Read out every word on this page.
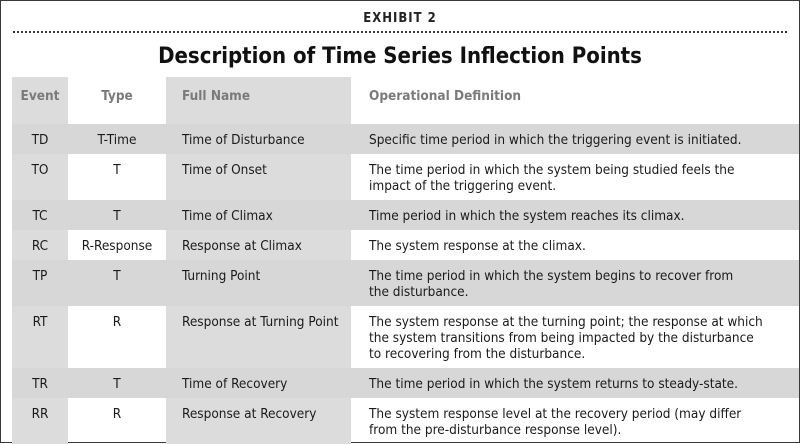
EXHIBIT 2
Description of Time Series Inflection Points
Event	Type	Full Name	Operational Definition

TD	T-Time	Time of Disturbance	Specific time period in which the triggering event is initiated.

TO	T	Time of Onset	The time period in which the system being studied feels the
impact of the triggering event.

TC	T	Time of Climax	Time period in which the system reaches its climax.

RC	R-Response	Response at Climax	The system response at the climax.

TP	T	Turning Point	The time period in which the system begins to recover from
the disturbance.

RT	R	Response at Turning Point	The system response at the turning point; the response at which
the system transitions from being impacted by the disturbance
to recovering from the disturbance.

TR	T	Time of Recovery	The time period in which the system returns to steady-state.

RR	R	Response at Recovery	The system response level at the recovery period (may differ
from the pre-disturbance response level).
